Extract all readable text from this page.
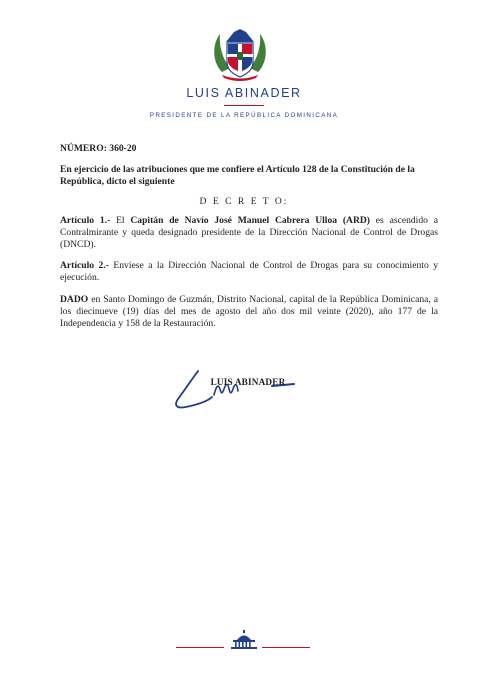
LUIS ABINADER
PRESIDENTE DE LA REPÚBLICA DOMINICANA
NÚMERO: 360-20
En ejercicio de las atribuciones que me confiere el Artículo 128 de la Constitución de la República, dicto el siguiente
D E C R E T O:
Artículo 1.- El Capitán de Navío José Manuel Cabrera Ulloa (ARD) es ascendido a Contralmirante y queda designado presidente de la Dirección Nacional de Control de Drogas (DNCD).
Artículo 2.- Envíese a la Dirección Nacional de Control de Drogas para su conocimiento y ejecución.
DADO en Santo Domingo de Guzmán, Distrito Nacional, capital de la República Dominicana, a los diecinueve (19) días del mes de agosto del año dos mil veinte (2020), año 177 de la Independencia y 158 de la Restauración.
LUIS ABINADER
